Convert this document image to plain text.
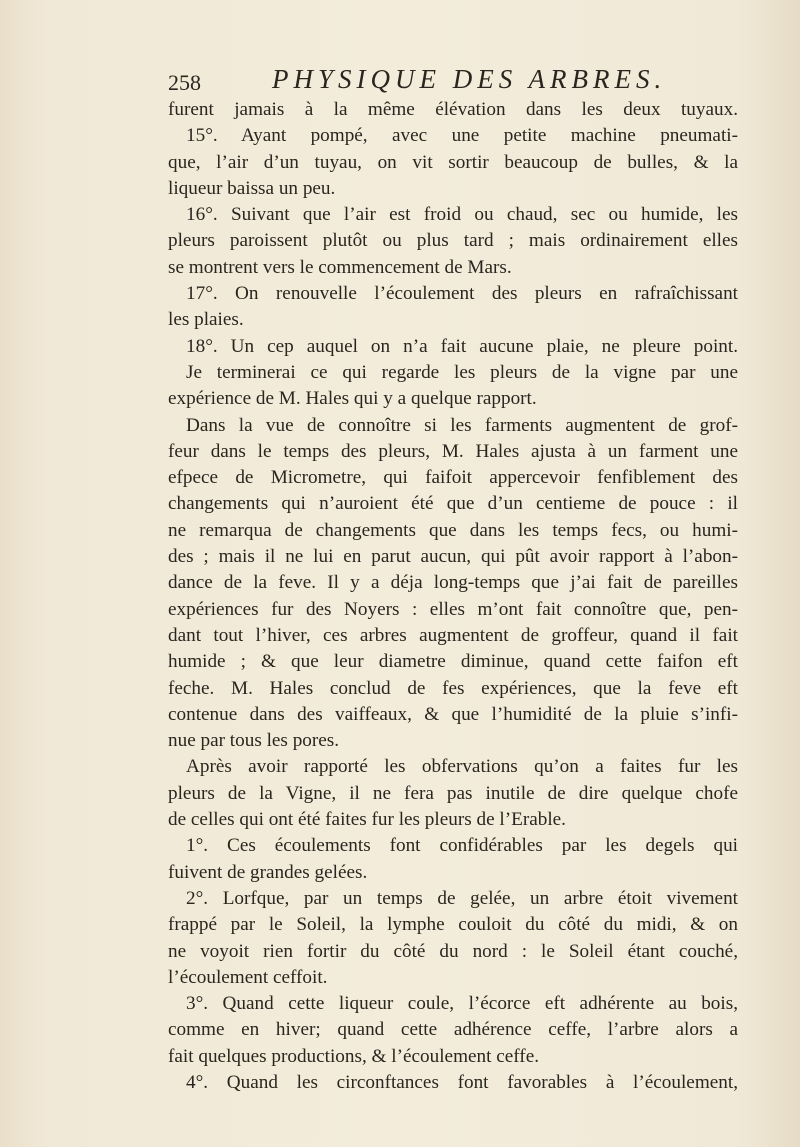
258	PHYSIQUE DES ARBRES.
furent jamais à la même élévation dans les deux tuyaux.
15°. Ayant pompé, avec une petite machine pneumati-
que, l’air d’un tuyau, on vit sortir beaucoup de bulles, & la
liqueur baissa un peu.
16°. Suivant que l’air est froid ou chaud, sec ou humide, les
pleurs paroissent plutôt ou plus tard ; mais ordinairement elles
se montrent vers le commencement de Mars.
17°. On renouvelle l’écoulement des pleurs en rafraîchissant
les plaies.
18°. Un cep auquel on n’a fait aucune plaie, ne pleure point.
Je terminerai ce qui regarde les pleurs de la vigne par une
expérience de M. Hales qui y a quelque rapport.
Dans la vue de connoître si les farments augmentent de grof-
feur dans le temps des pleurs, M. Hales ajusta à un farment une
efpece de Micrometre, qui faifoit appercevoir fenfiblement des
changements qui n’auroient été que d’un centieme de pouce : il
ne remarqua de changements que dans les temps fecs, ou humi-
des ; mais il ne lui en parut aucun, qui pût avoir rapport à l’abon-
dance de la feve. Il y a déja long-temps que j’ai fait de pareilles
expériences fur des Noyers : elles m’ont fait connoître que, pen-
dant tout l’hiver, ces arbres augmentent de groffeur, quand il fait
humide ; & que leur diametre diminue, quand cette faifon eft
feche. M. Hales conclud de fes expériences, que la feve eft
contenue dans des vaiffeaux, & que l’humidité de la pluie s’infi-
nue par tous les pores.
Après avoir rapporté les obfervations qu’on a faites fur les
pleurs de la Vigne, il ne fera pas inutile de dire quelque chofe
de celles qui ont été faites fur les pleurs de l’Erable.
1°. Ces écoulements font confidérables par les degels qui
fuivent de grandes gelées.
2°. Lorfque, par un temps de gelée, un arbre étoit vivement
frappé par le Soleil, la lymphe couloit du côté du midi, & on
ne voyoit rien fortir du côté du nord : le Soleil étant couché,
l’écoulement ceffoit.
3°. Quand cette liqueur coule, l’écorce eft adhérente au bois,
comme en hiver; quand cette adhérence ceffe, l’arbre alors a
fait quelques productions, & l’écoulement ceffe.
4°. Quand les circonftances font favorables à l’écoulement,
